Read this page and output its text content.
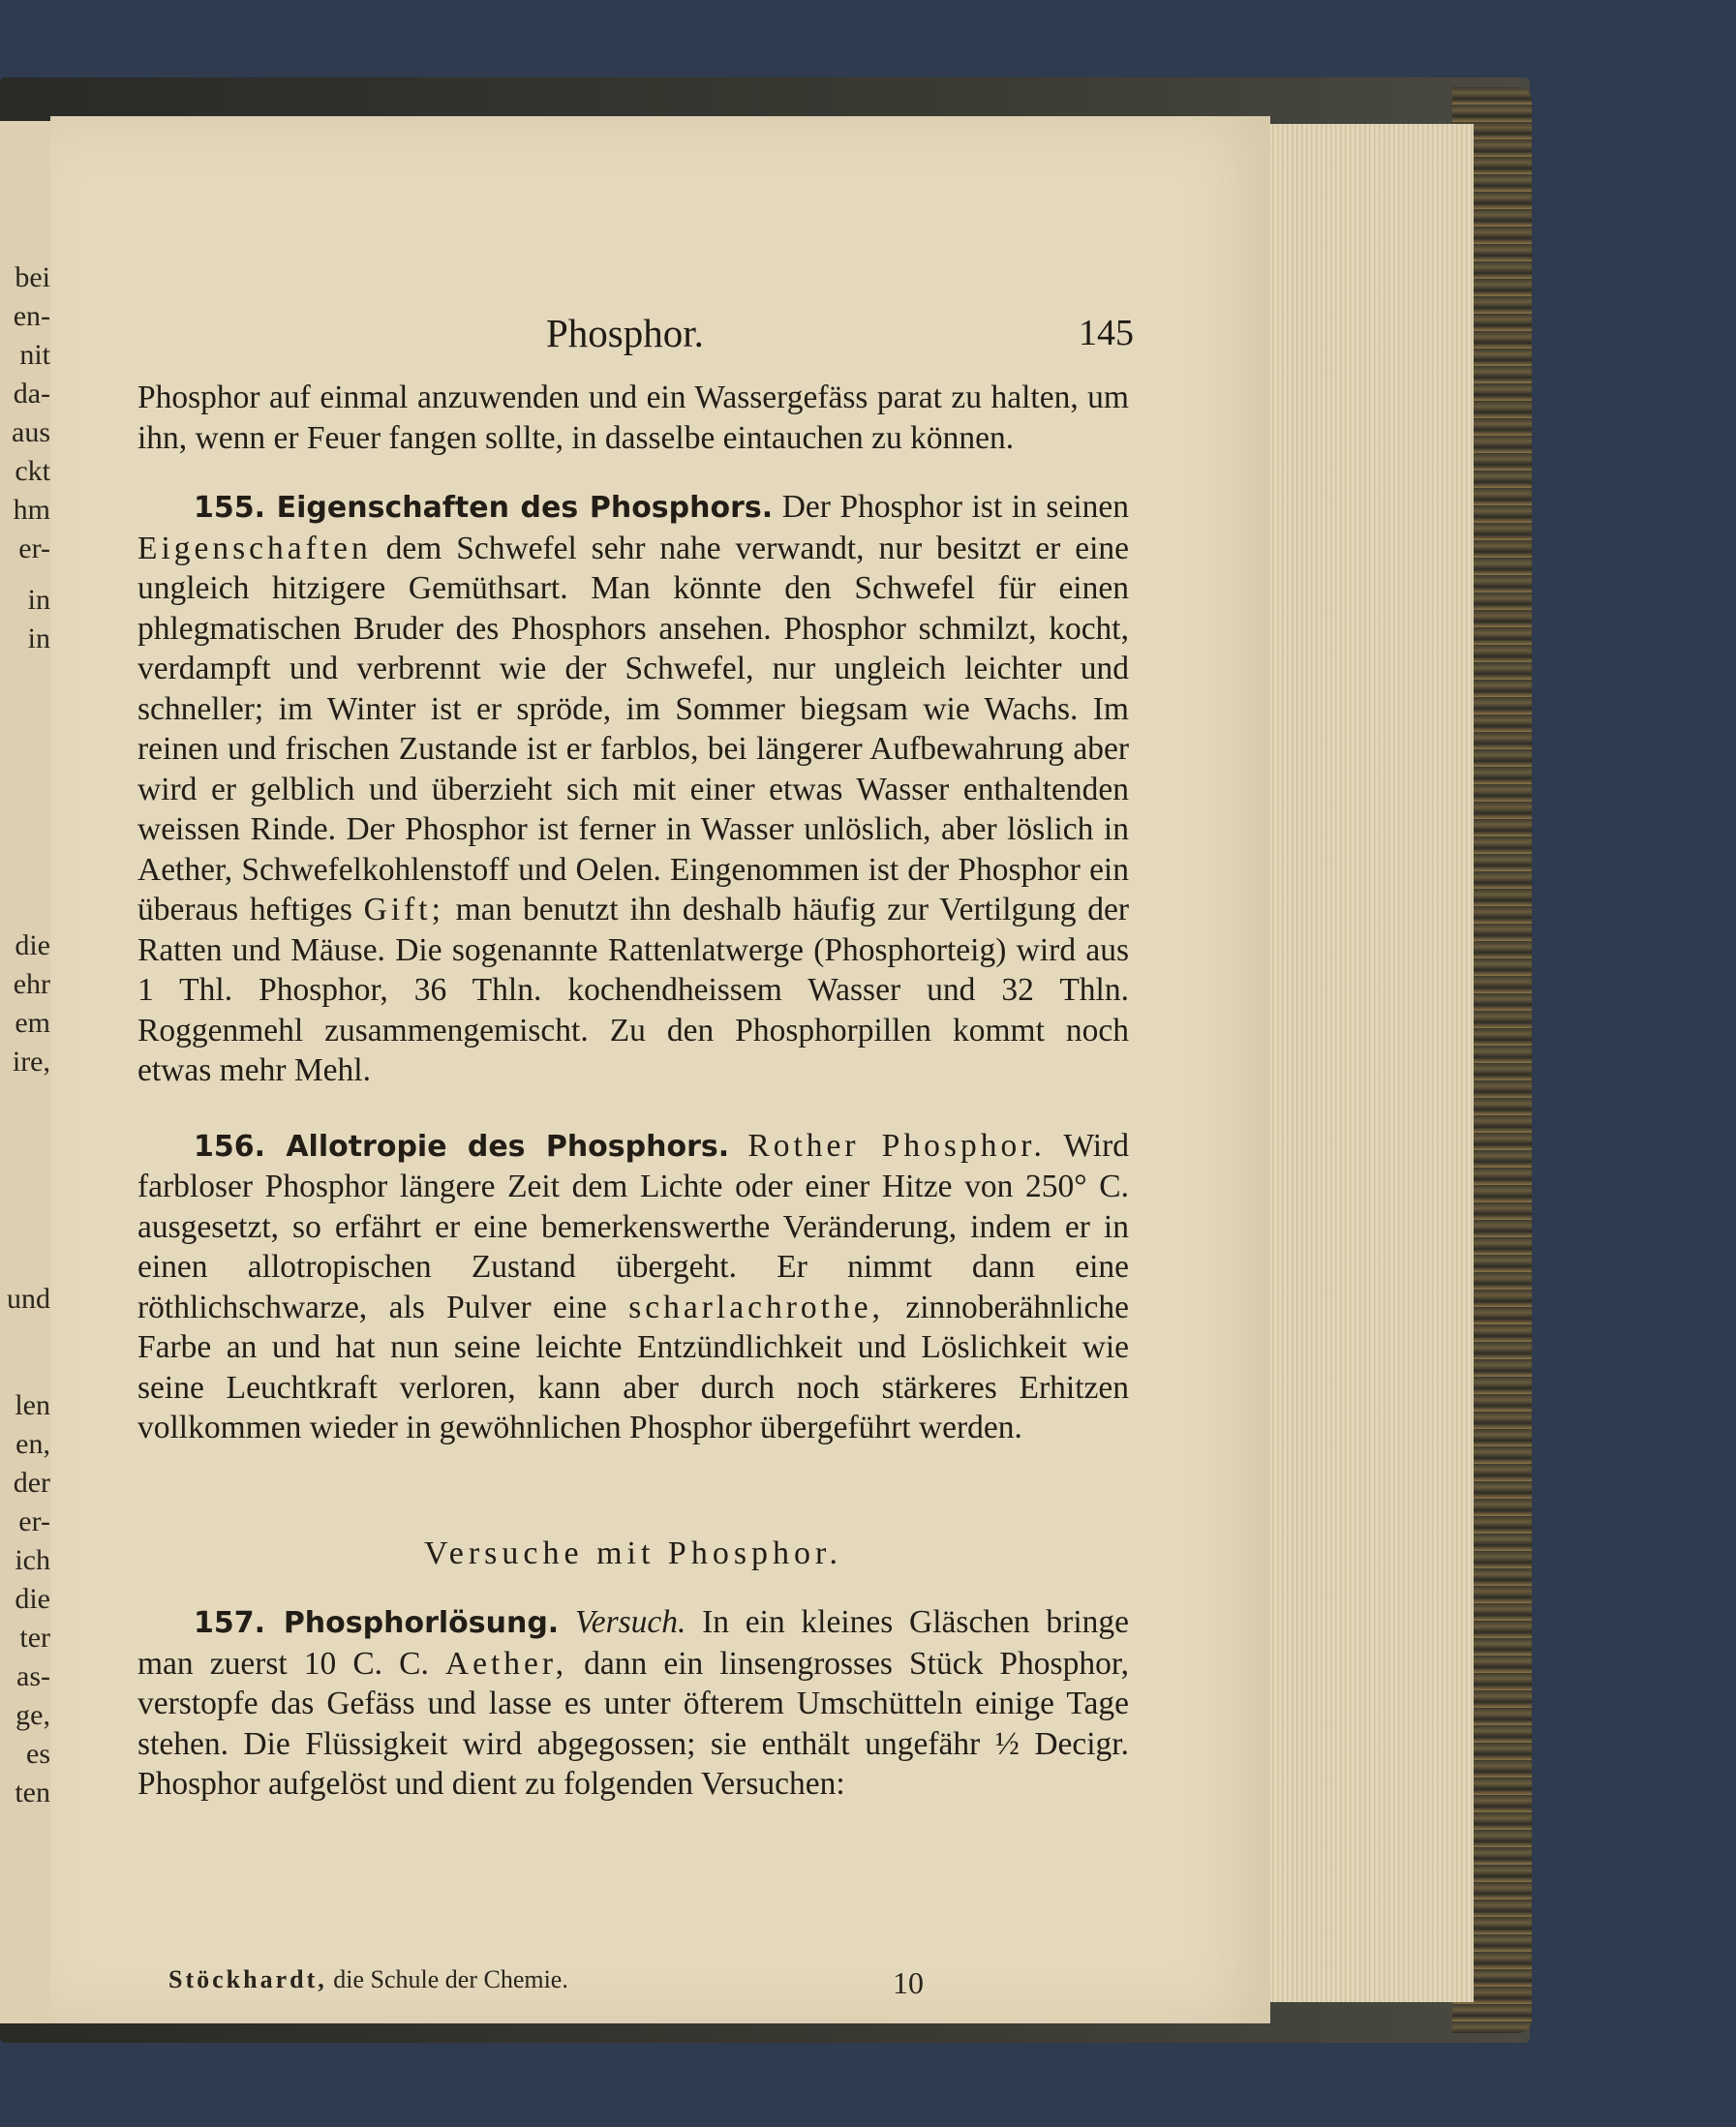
bei
en-
nit
da-
aus
ckt
hm
er-
in
in
die
ehr
em
ire,
und
len
en,
der
er-
ich
die
ter
as-
ge,
es
ten
Phosphor.	145

Phosphor auf einmal anzuwenden und ein Wassergefäss parat zu halten, um ihn, wenn er Feuer fangen sollte, in dasselbe eintauchen zu können.

155. Eigenschaften des Phosphors. Der Phosphor ist in seinen Eigenschaften dem Schwefel sehr nahe verwandt, nur besitzt er eine ungleich hitzigere Gemüthsart. Man könnte den Schwefel für einen phlegmatischen Bruder des Phosphors ansehen. Phosphor schmilzt, kocht, verdampft und verbrennt wie der Schwefel, nur ungleich leichter und schneller; im Winter ist er spröde, im Sommer biegsam wie Wachs. Im reinen und frischen Zustande ist er farblos, bei längerer Aufbewahrung aber wird er gelblich und überzieht sich mit einer etwas Wasser enthaltenden weissen Rinde. Der Phosphor ist ferner in Wasser unlöslich, aber löslich in Aether, Schwefelkohlenstoff und Oelen. Eingenommen ist der Phosphor ein überaus heftiges Gift; man benutzt ihn deshalb häufig zur Vertilgung der Ratten und Mäuse. Die sogenannte Rattenlatwerge (Phosphorteig) wird aus 1 Thl. Phosphor, 36 Thln. kochendheissem Wasser und 32 Thln. Roggenmehl zusammengemischt. Zu den Phosphorpillen kommt noch etwas mehr Mehl.

156. Allotropie des Phosphors. Rother Phosphor. Wird farbloser Phosphor längere Zeit dem Lichte oder einer Hitze von 250° C. ausgesetzt, so erfährt er eine bemerkenswerthe Veränderung, indem er in einen allotropischen Zustand übergeht. Er nimmt dann eine röthlichschwarze, als Pulver eine scharlachrothe, zinnoberähnliche Farbe an und hat nun seine leichte Entzündlichkeit und Löslichkeit wie seine Leuchtkraft verloren, kann aber durch noch stärkeres Erhitzen vollkommen wieder in gewöhnlichen Phosphor übergeführt werden.

Versuche mit Phosphor.

157. Phosphorlösung. Versuch. In ein kleines Gläschen bringe man zuerst 10 C. C. Aether, dann ein linsengrosses Stück Phosphor, verstopfe das Gefäss und lasse es unter öfterem Umschütteln einige Tage stehen. Die Flüssigkeit wird abgegossen; sie enthält ungefähr ½ Decigr. Phosphor aufgelöst und dient zu folgenden Versuchen:

Stöckhardt, die Schule der Chemie.	10
